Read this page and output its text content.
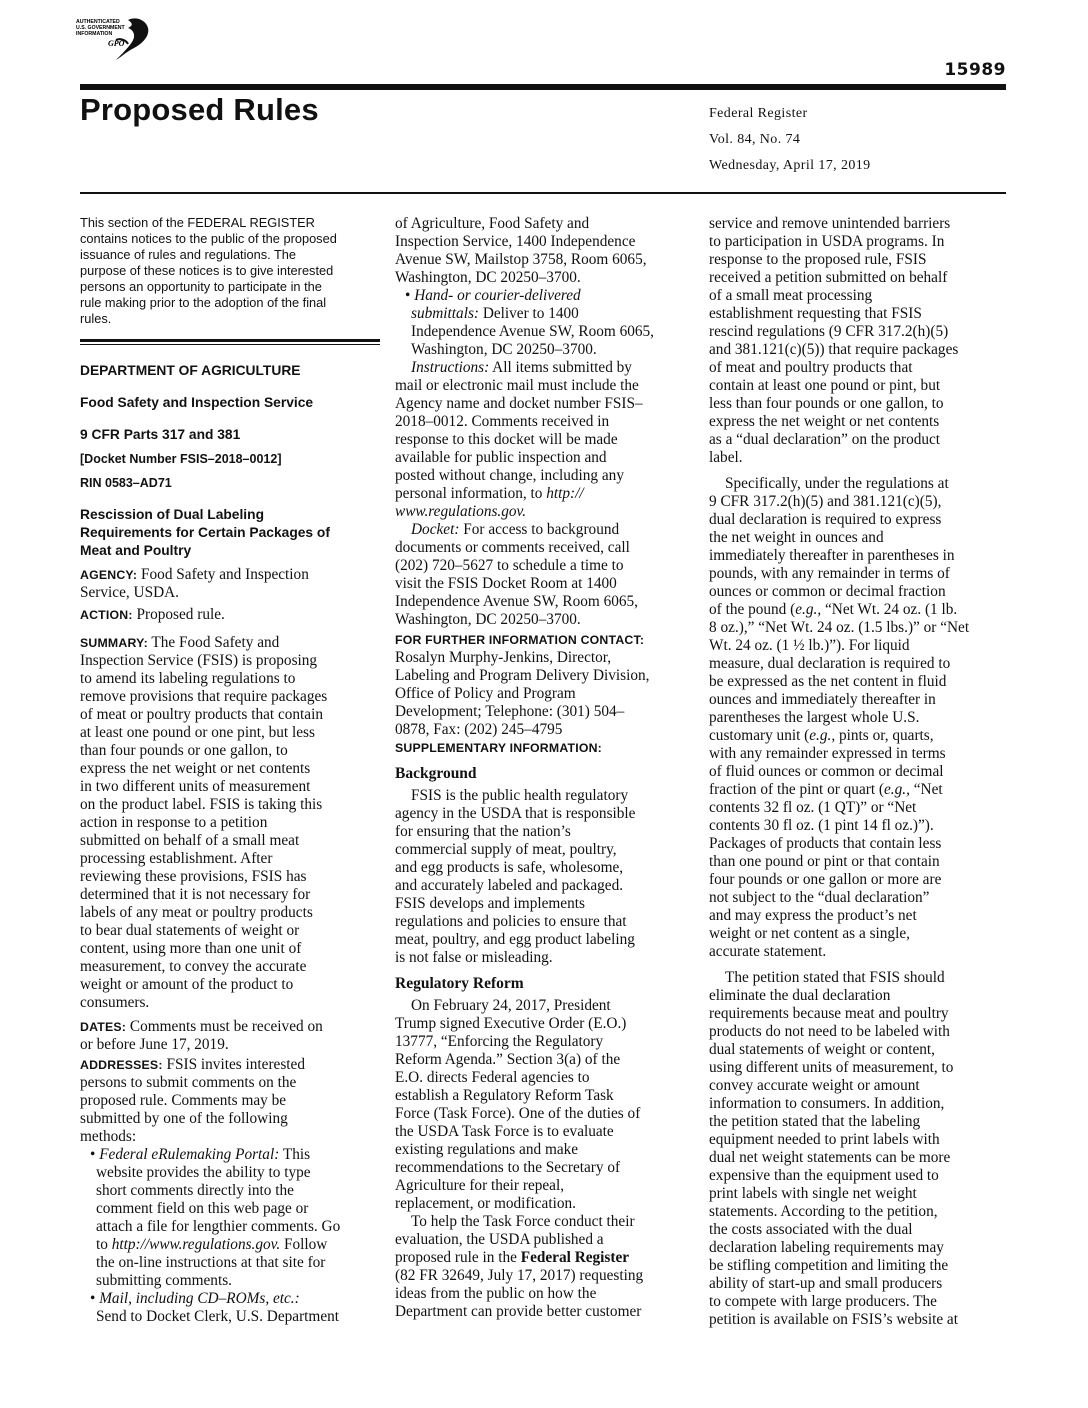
AUTHENTICATED
U.S. GOVERNMENT
INFORMATION
GPO
15989
Proposed Rules	Federal Register
Vol. 84, No. 74
Wednesday, April 17, 2019
This section of the FEDERAL REGISTER
contains notices to the public of the proposed
issuance of rules and regulations. The
purpose of these notices is to give interested
persons an opportunity to participate in the
rule making prior to the adoption of the final
rules.
DEPARTMENT OF AGRICULTURE
Food Safety and Inspection Service
9 CFR Parts 317 and 381
[Docket Number FSIS–2018–0012]
RIN 0583–AD71
Rescission of Dual Labeling
Requirements for Certain Packages of
Meat and Poultry
AGENCY: Food Safety and Inspection
Service, USDA.
ACTION: Proposed rule.
SUMMARY: The Food Safety and
Inspection Service (FSIS) is proposing
to amend its labeling regulations to
remove provisions that require packages
of meat or poultry products that contain
at least one pound or one pint, but less
than four pounds or one gallon, to
express the net weight or net contents
in two different units of measurement
on the product label. FSIS is taking this
action in response to a petition
submitted on behalf of a small meat
processing establishment. After
reviewing these provisions, FSIS has
determined that it is not necessary for
labels of any meat or poultry products
to bear dual statements of weight or
content, using more than one unit of
measurement, to convey the accurate
weight or amount of the product to
consumers.
DATES: Comments must be received on
or before June 17, 2019.
ADDRESSES: FSIS invites interested
persons to submit comments on the
proposed rule. Comments may be
submitted by one of the following
methods:
• Federal eRulemaking Portal: This
website provides the ability to type
short comments directly into the
comment field on this web page or
attach a file for lengthier comments. Go
to http://www.regulations.gov. Follow
the on-line instructions at that site for
submitting comments.
• Mail, including CD–ROMs, etc.:
Send to Docket Clerk, U.S. Department
of Agriculture, Food Safety and
Inspection Service, 1400 Independence
Avenue SW, Mailstop 3758, Room 6065,
Washington, DC 20250–3700.
• Hand- or courier-delivered
submittals: Deliver to 1400
Independence Avenue SW, Room 6065,
Washington, DC 20250–3700.
Instructions: All items submitted by
mail or electronic mail must include the
Agency name and docket number FSIS–
2018–0012. Comments received in
response to this docket will be made
available for public inspection and
posted without change, including any
personal information, to http://
www.regulations.gov.
Docket: For access to background
documents or comments received, call
(202) 720–5627 to schedule a time to
visit the FSIS Docket Room at 1400
Independence Avenue SW, Room 6065,
Washington, DC 20250–3700.
FOR FURTHER INFORMATION CONTACT:
Rosalyn Murphy-Jenkins, Director,
Labeling and Program Delivery Division,
Office of Policy and Program
Development; Telephone: (301) 504–
0878, Fax: (202) 245–4795
SUPPLEMENTARY INFORMATION:
Background
FSIS is the public health regulatory
agency in the USDA that is responsible
for ensuring that the nation’s
commercial supply of meat, poultry,
and egg products is safe, wholesome,
and accurately labeled and packaged.
FSIS develops and implements
regulations and policies to ensure that
meat, poultry, and egg product labeling
is not false or misleading.
Regulatory Reform
On February 24, 2017, President
Trump signed Executive Order (E.O.)
13777, “Enforcing the Regulatory
Reform Agenda.” Section 3(a) of the
E.O. directs Federal agencies to
establish a Regulatory Reform Task
Force (Task Force). One of the duties of
the USDA Task Force is to evaluate
existing regulations and make
recommendations to the Secretary of
Agriculture for their repeal,
replacement, or modification.
To help the Task Force conduct their
evaluation, the USDA published a
proposed rule in the Federal Register
(82 FR 32649, July 17, 2017) requesting
ideas from the public on how the
Department can provide better customer
service and remove unintended barriers
to participation in USDA programs. In
response to the proposed rule, FSIS
received a petition submitted on behalf
of a small meat processing
establishment requesting that FSIS
rescind regulations (9 CFR 317.2(h)(5)
and 381.121(c)(5)) that require packages
of meat and poultry products that
contain at least one pound or pint, but
less than four pounds or one gallon, to
express the net weight or net contents
as a “dual declaration” on the product
label.
Specifically, under the regulations at
9 CFR 317.2(h)(5) and 381.121(c)(5),
dual declaration is required to express
the net weight in ounces and
immediately thereafter in parentheses in
pounds, with any remainder in terms of
ounces or common or decimal fraction
of the pound (e.g., “Net Wt. 24 oz. (1 lb.
8 oz.),” “Net Wt. 24 oz. (1.5 lbs.)” or “Net
Wt. 24 oz. (1 ½ lb.)”). For liquid
measure, dual declaration is required to
be expressed as the net content in fluid
ounces and immediately thereafter in
parentheses the largest whole U.S.
customary unit (e.g., pints or, quarts,
with any remainder expressed in terms
of fluid ounces or common or decimal
fraction of the pint or quart (e.g., “Net
contents 32 fl oz. (1 QT)” or “Net
contents 30 fl oz. (1 pint 14 fl oz.)”).
Packages of products that contain less
than one pound or pint or that contain
four pounds or one gallon or more are
not subject to the “dual declaration”
and may express the product’s net
weight or net content as a single,
accurate statement.
The petition stated that FSIS should
eliminate the dual declaration
requirements because meat and poultry
products do not need to be labeled with
dual statements of weight or content,
using different units of measurement, to
convey accurate weight or amount
information to consumers. In addition,
the petition stated that the labeling
equipment needed to print labels with
dual net weight statements can be more
expensive than the equipment used to
print labels with single net weight
statements. According to the petition,
the costs associated with the dual
declaration labeling requirements may
be stifling competition and limiting the
ability of start-up and small producers
to compete with large producers. The
petition is available on FSIS’s website at
